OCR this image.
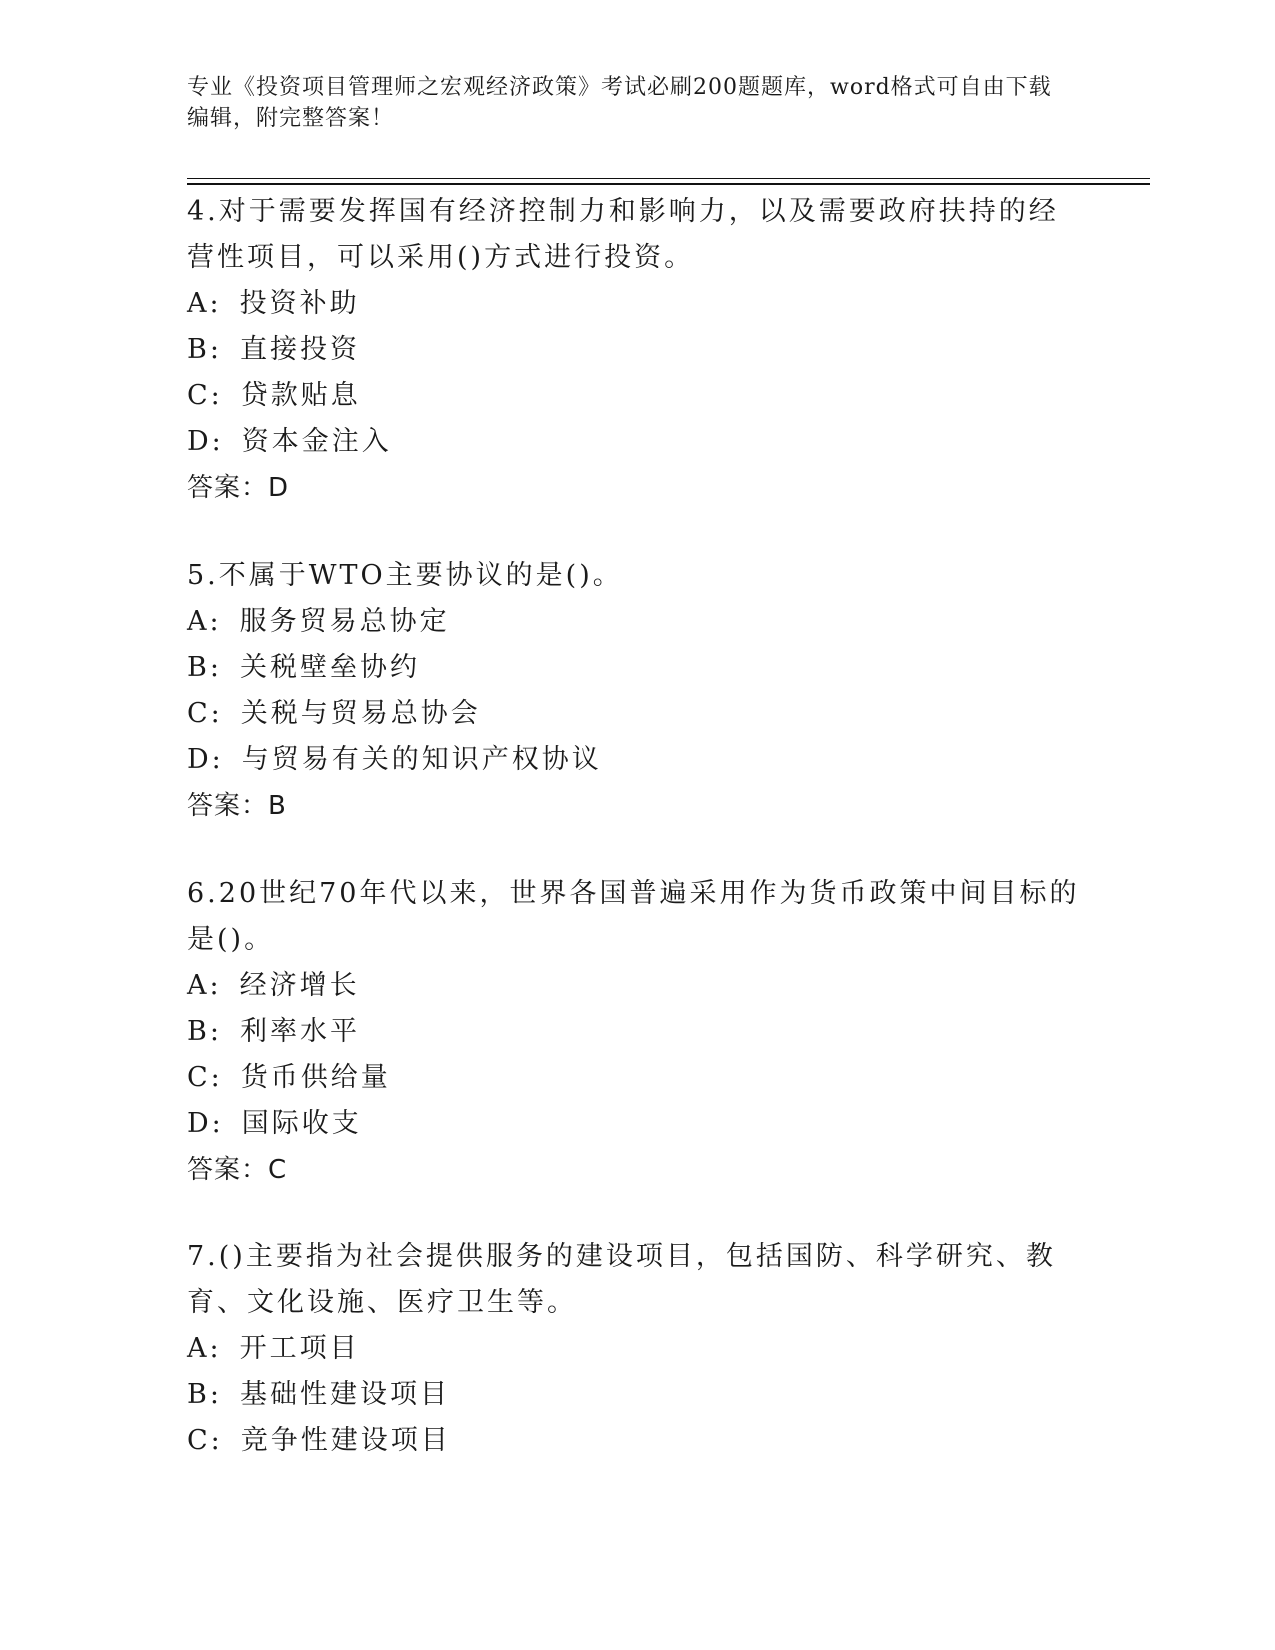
专业《投资项目管理师之宏观经济政策》考试必刷200题题库，word格式可自由下载编辑，附完整答案！

4.对于需要发挥国有经济控制力和影响力，以及需要政府扶持的经营性项目，可以采用()方式进行投资。

A: 投资补助
B: 直接投资
C: 贷款贴息
D: 资本金注入
答案：D

5.不属于WTO主要协议的是()。

A: 服务贸易总协定
B: 关税壁垒协约
C: 关税与贸易总协会
D: 与贸易有关的知识产权协议
答案：B

6.20世纪70年代以来，世界各国普遍采用作为货币政策中间目标的是()。

A: 经济增长
B: 利率水平
C: 货币供给量
D: 国际收支
答案：C

7.()主要指为社会提供服务的建设项目，包括国防、科学研究、教育、文化设施、医疗卫生等。

A: 开工项目
B: 基础性建设项目
C: 竞争性建设项目
